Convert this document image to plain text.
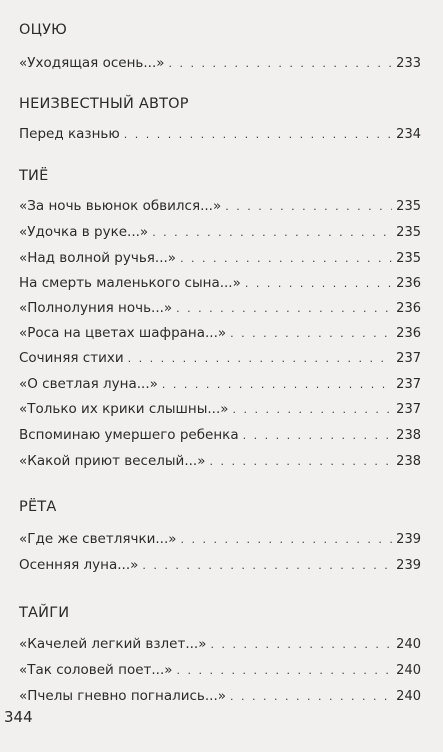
ОЦУЮ
«Уходящая осень...» . . .	233
НЕИЗВЕСТНЫЙ АВТОР
Перед казнью . . .	234
ТИЁ
«За ночь вьюнок обвился...» . . .	235
«Удочка в руке...» . . .	235
«Над волной ручья...» . . .	235
На смерть маленького сына...» . . .	236
«Полнолуния ночь...» . . .	236
«Роса на цветах шафрана...» . . .	236
Сочиняя стихи . . .	237
«О светлая луна...» . . .	237
«Только их крики слышны...» . . .	237
Вспоминаю умершего ребенка . . .	238
«Какой приют веселый...» . . .	238
РЁТА
«Где же светлячки...» . . .	239
Осенняя луна...» . . .	239
ТАЙГИ
«Качелей легкий взлет...» . . .	240
«Так соловей поет...» . . .	240
«Пчелы гневно погнались...» . . .	240
344
